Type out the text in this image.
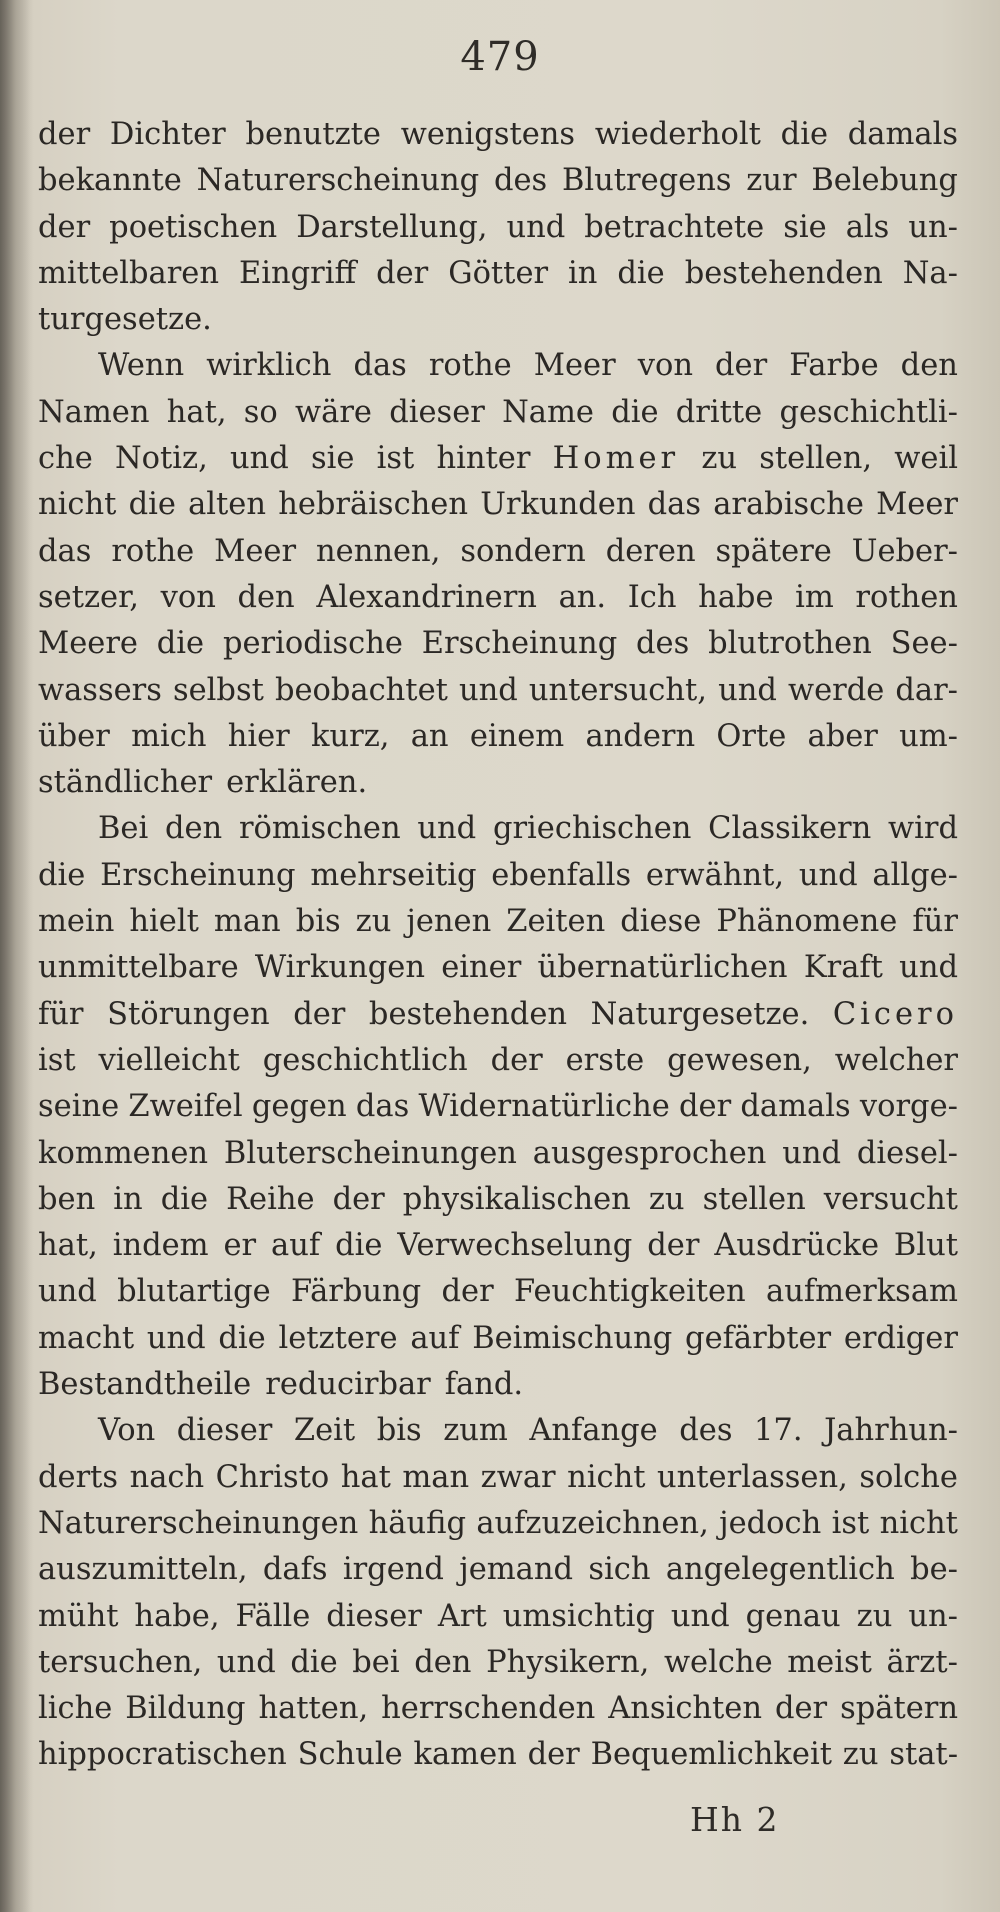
479
der Dichter benutzte wenigstens wiederholt die damals
bekannte Naturerscheinung des Blutregens zur Belebung
der poetischen Darstellung, und betrachtete sie als un-
mittelbaren Eingriff der Götter in die bestehenden Na-
turgesetze.
Wenn wirklich das rothe Meer von der Farbe den
Namen hat, so wäre dieser Name die dritte geschichtli-
che Notiz, und sie ist hinter Homer zu stellen, weil
nicht die alten hebräischen Urkunden das arabische Meer
das rothe Meer nennen, sondern deren spätere Ueber-
setzer, von den Alexandrinern an. Ich habe im rothen
Meere die periodische Erscheinung des blutrothen See-
wassers selbst beobachtet und untersucht, und werde dar-
über mich hier kurz, an einem andern Orte aber um-
ständlicher erklären.
Bei den römischen und griechischen Classikern wird
die Erscheinung mehrseitig ebenfalls erwähnt, und allge-
mein hielt man bis zu jenen Zeiten diese Phänomene für
unmittelbare Wirkungen einer übernatürlichen Kraft und
für Störungen der bestehenden Naturgesetze. Cicero
ist vielleicht geschichtlich der erste gewesen, welcher
seine Zweifel gegen das Widernatürliche der damals vorge-
kommenen Bluterscheinungen ausgesprochen und diesel-
ben in die Reihe der physikalischen zu stellen versucht
hat, indem er auf die Verwechselung der Ausdrücke Blut
und blutartige Färbung der Feuchtigkeiten aufmerksam
macht und die letztere auf Beimischung gefärbter erdiger
Bestandtheile reducirbar fand.
Von dieser Zeit bis zum Anfange des 17. Jahrhun-
derts nach Christo hat man zwar nicht unterlassen, solche
Naturerscheinungen häufig aufzuzeichnen, jedoch ist nicht
auszumitteln, dafs irgend jemand sich angelegentlich be-
müht habe, Fälle dieser Art umsichtig und genau zu un-
tersuchen, und die bei den Physikern, welche meist ärzt-
liche Bildung hatten, herrschenden Ansichten der spätern
hippocratischen Schule kamen der Bequemlichkeit zu stat-
Hh 2
